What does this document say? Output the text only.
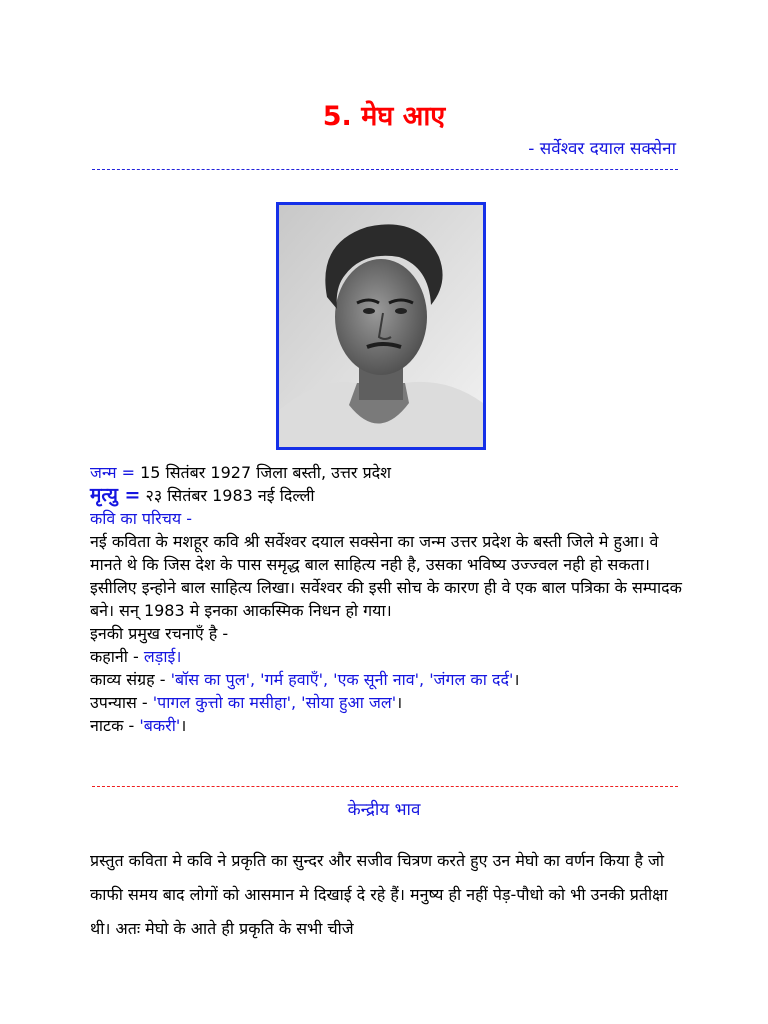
5. मेघ आए
- सर्वेश्वर दयाल सक्सेना

जन्म = 15 सितंबर 1927 जिला बस्ती, उत्तर प्रदेश

मृत्यु = २३ सितंबर 1983 नई दिल्ली

कवि का परिचय -

नई कविता के मशहूर कवि श्री सर्वेश्वर दयाल सक्सेना का जन्म उत्तर प्रदेश के बस्ती जिले मे हुआ। वे मानते थे कि जिस देश के पास समृद्ध बाल साहित्य नही है, उसका भविष्य उज्ज्वल नही हो सकता। इसीलिए इन्होने बाल साहित्य लिखा। सर्वेश्वर की इसी सोच के कारण ही वे एक बाल पत्रिका के सम्पादक बने। सन् 1983 मे इनका आकस्मिक निधन हो गया।

इनकी प्रमुख रचनाएँ है -

कहानी - लड़ाई।

काव्य संग्रह - 'बॉस का पुल', 'गर्म हवाएँ', 'एक सूनी नाव', 'जंगल का दर्द'।

उपन्यास - 'पागल कुत्तो का मसीहा', 'सोया हुआ जल'।

नाटक - 'बकरी'।

केन्द्रीय भाव

प्रस्तुत कविता मे कवि ने प्रकृति का सुन्दर और सजीव चित्रण करते हुए उन मेघो का वर्णन किया है जो काफी समय बाद लोगों को आसमान मे दिखाई दे रहे हैं। मनुष्य ही नहीं पेड़-पौधो को भी उनकी प्रतीक्षा थी। अतः मेघो के आते ही प्रकृति के सभी चीजे
